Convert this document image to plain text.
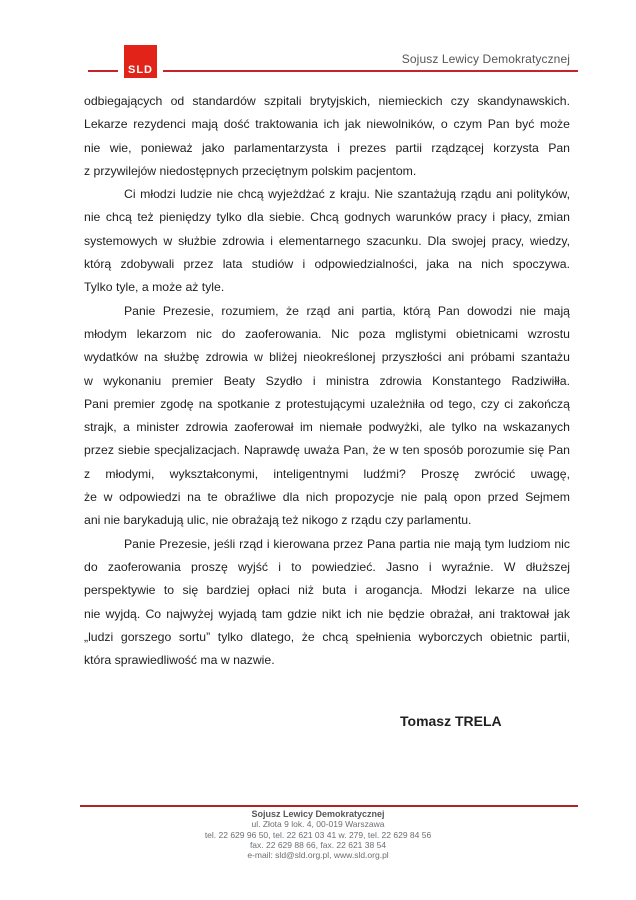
SLD
Sojusz Lewicy Demokratycznej
odbiegających od standardów szpitali brytyjskich, niemieckich czy skandynawskich.
Lekarze rezydenci mają dość traktowania ich jak niewolników, o czym Pan być może
nie wie, ponieważ jako parlamentarzysta i prezes partii rządzącej korzysta Pan
z przywilejów niedostępnych przeciętnym polskim pacjentom.
Ci młodzi ludzie nie chcą wyjeżdżać z kraju. Nie szantażują rządu ani polityków,
nie chcą też pieniędzy tylko dla siebie. Chcą godnych warunków pracy i płacy, zmian
systemowych w służbie zdrowia i elementarnego szacunku. Dla swojej pracy, wiedzy,
którą zdobywali przez lata studiów i odpowiedzialności, jaka na nich spoczywa.
Tylko tyle, a może aż tyle.
Panie Prezesie, rozumiem, że rząd ani partia, którą Pan dowodzi nie mają
młodym lekarzom nic do zaoferowania. Nic poza mglistymi obietnicami wzrostu
wydatków na służbę zdrowia w bliżej nieokreślonej przyszłości ani próbami szantażu
w wykonaniu premier Beaty Szydło i ministra zdrowia Konstantego Radziwiłła.
Pani premier zgodę na spotkanie z protestującymi uzależniła od tego, czy ci zakończą
strajk, a minister zdrowia zaoferował im niemałe podwyżki, ale tylko na wskazanych
przez siebie specjalizacjach. Naprawdę uważa Pan, że w ten sposób porozumie się Pan
z młodymi, wykształconymi, inteligentnymi ludźmi? Proszę zwrócić uwagę,
że w odpowiedzi na te obraźliwe dla nich propozycje nie palą opon przed Sejmem
ani nie barykadują ulic, nie obrażają też nikogo z rządu czy parlamentu.
Panie Prezesie, jeśli rząd i kierowana przez Pana partia nie mają tym ludziom nic
do zaoferowania proszę wyjść i to powiedzieć. Jasno i wyraźnie. W dłuższej
perspektywie to się bardziej opłaci niż buta i arogancja. Młodzi lekarze na ulice
nie wyjdą. Co najwyżej wyjadą tam gdzie nikt ich nie będzie obrażał, ani traktował jak
„ludzi gorszego sortu” tylko dlatego, że chcą spełnienia wyborczych obietnic partii,
która sprawiedliwość ma w nazwie.
Tomasz TRELA
Sojusz Lewicy Demokratycznej
ul. Złota 9 lok. 4, 00-019 Warszawa
tel. 22 629 96 50, tel. 22 621 03 41 w. 279, tel. 22 629 84 56
fax. 22 629 88 66, fax. 22 621 38 54
e-mail: sld@sld.org.pl, www.sld.org.pl
